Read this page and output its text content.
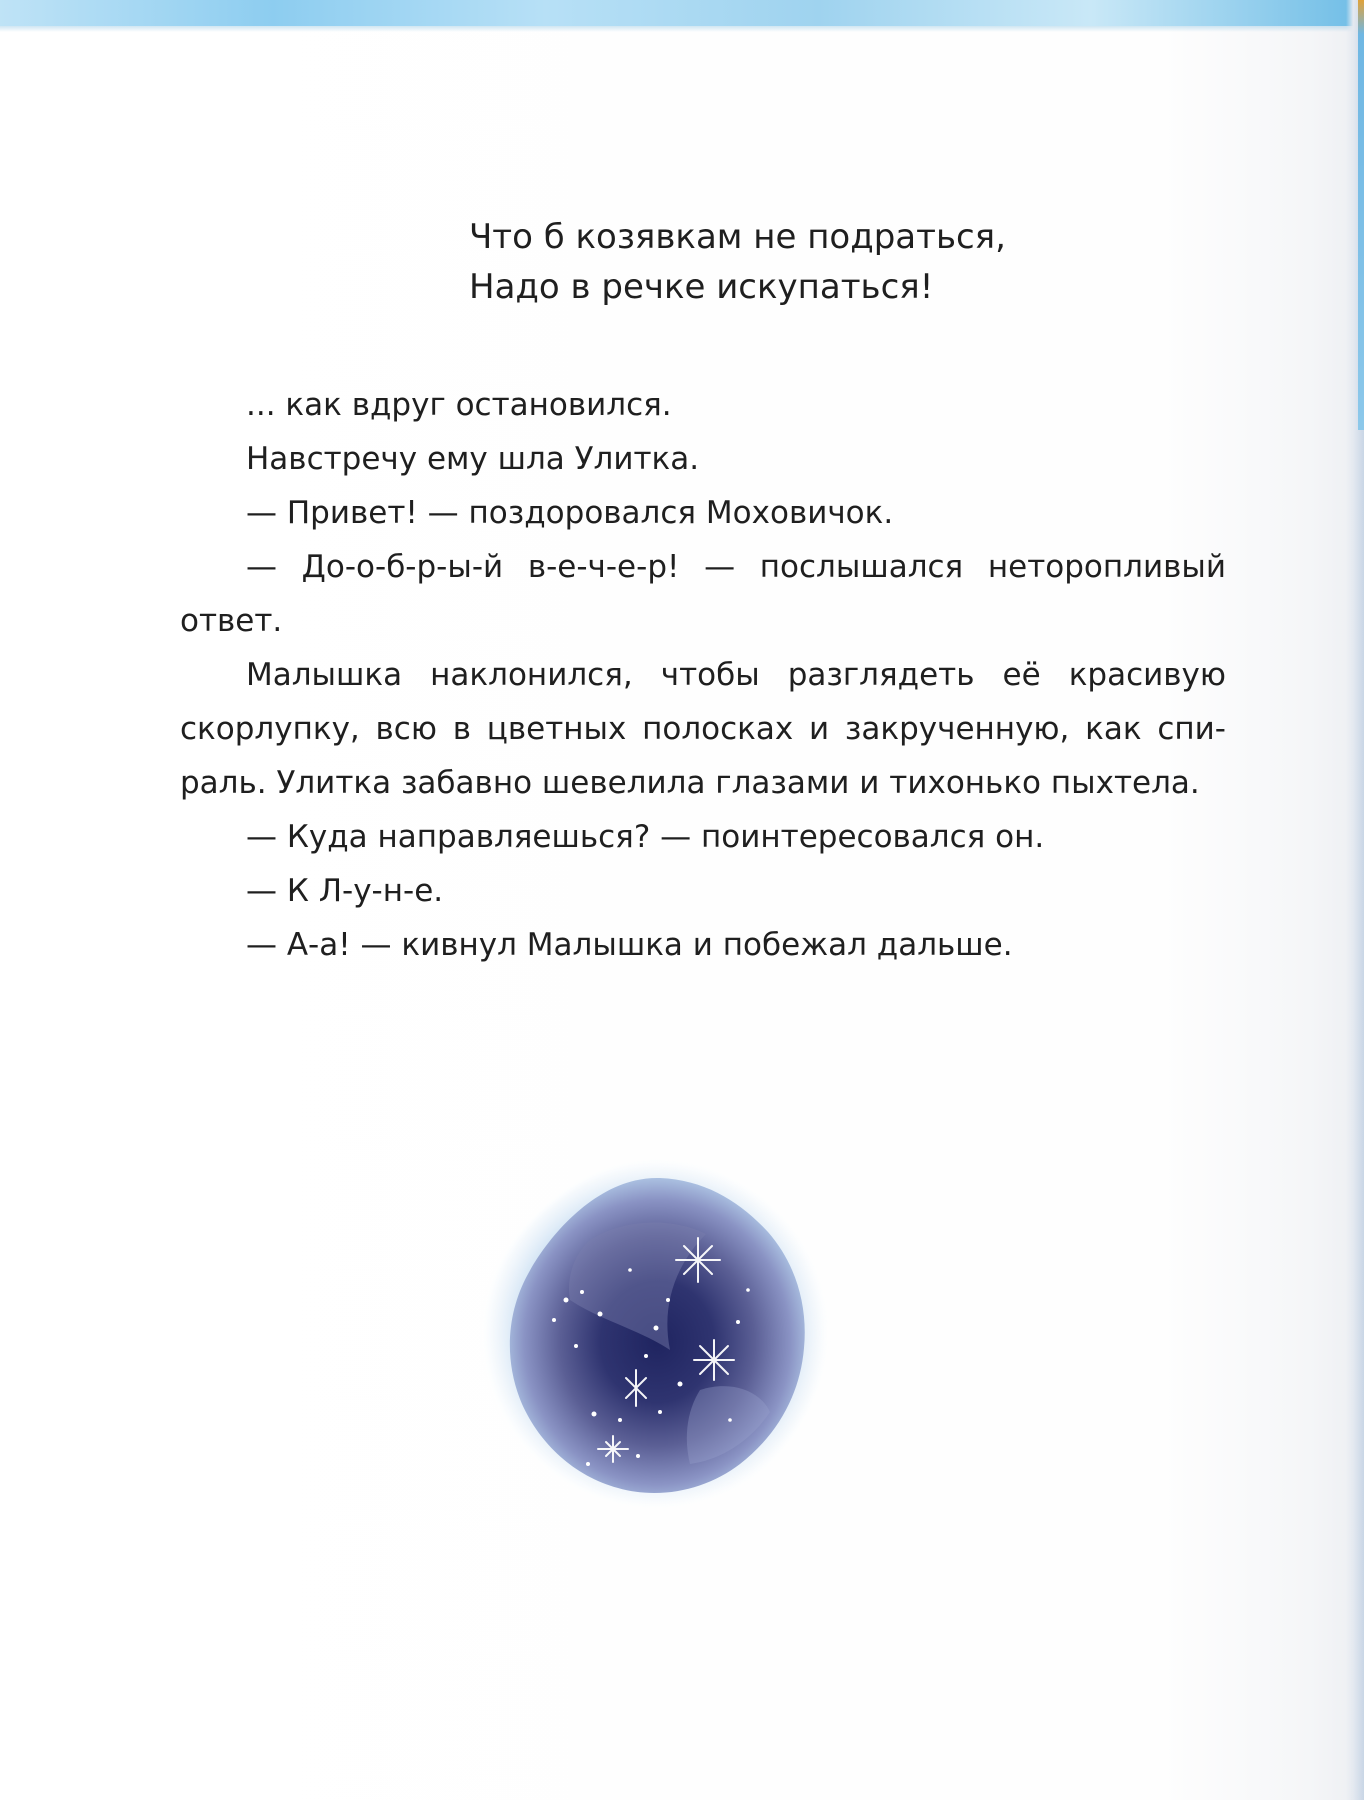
Что б козявкам не подраться,
Надо в речке искупаться!

... как вдруг остановился.

Навстречу ему шла Улитка.

— Привет! — поздоровался Моховичок.

— До-о-б-р-ы-й в-е-ч-е-р! — послышался неторопливый ответ.

Малышка наклонился, чтобы разглядеть её красивую скорлупку, всю в цветных полосках и закрученную, как спи-раль. Улитка забавно шевелила глазами и тихонько пыхтела.

— Куда направляешься? — поинтересовался он.

— К Л-у-н-е.

— А-а! — кивнул Малышка и побежал дальше.
